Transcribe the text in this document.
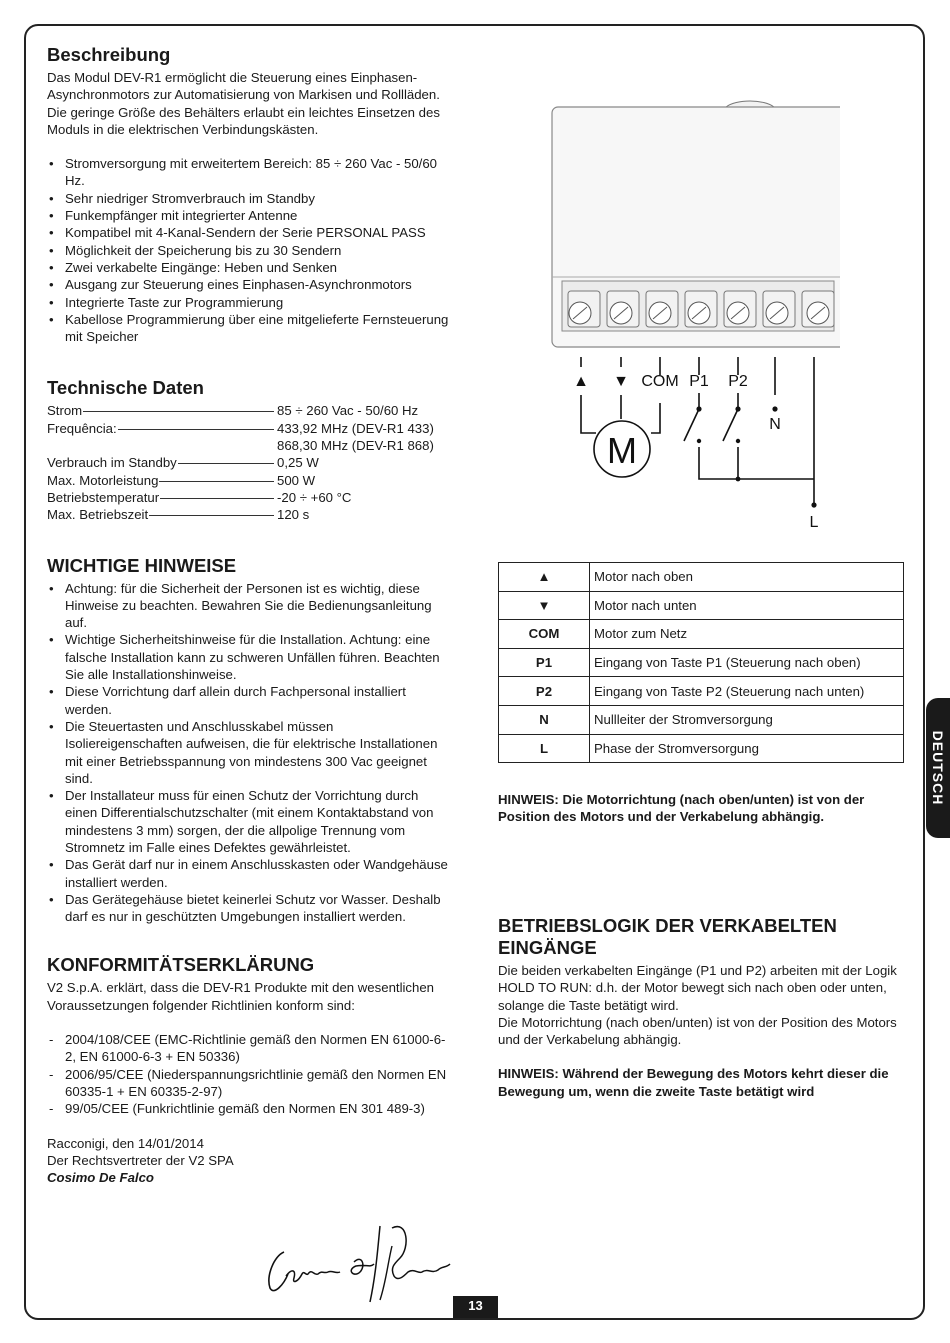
Beschreibung

Das Modul DEV-R1 ermöglicht die Steuerung eines Einphasen-Asynchronmotors zur Automatisierung von Markisen und Rollläden.

Die geringe Größe des Behälters erlaubt ein leichtes Einsetzen des Moduls in die elektrischen Verbindungskästen.

• Stromversorgung mit erweitertem Bereich: 85 ÷ 260 Vac - 50/60 Hz.
• Sehr niedriger Stromverbrauch im Standby
• Funkempfänger mit integrierter Antenne
• Kompatibel mit 4-Kanal-Sendern der Serie PERSONAL PASS
• Möglichkeit der Speicherung bis zu 30 Sendern
• Zwei verkabelte Eingänge: Heben und Senken
• Ausgang zur Steuerung eines Einphasen-Asynchronmotors
• Integrierte Taste zur Programmierung
• Kabellose Programmierung über eine mitgelieferte Fernsteuerung mit Speicher
Technische Daten
Strom	85 ÷ 260 Vac - 50/60 Hz
Frequência:	433,92 MHz (DEV-R1 433)
868,30 MHz (DEV-R1 868)
Verbrauch im Standby	0,25 W
Max. Motorleistung	500 W
Betriebstemperatur	-20 ÷ +60 °C
Max. Betriebszeit	120 s
WICHTIGE HINWEISE
• Achtung: für die Sicherheit der Personen ist es wichtig, diese Hinweise zu beachten. Bewahren Sie die Bedienungsanleitung auf.
• Wichtige Sicherheitshinweise für die Installation. Achtung: eine falsche Installation kann zu schweren Unfällen führen. Beachten Sie alle Installationshinweise.
• Diese Vorrichtung darf allein durch Fachpersonal installiert werden.
• Die Steuertasten und Anschlusskabel müssen Isoliereigenschaften aufweisen, die für elektrische Installationen mit einer Betriebsspannung von mindestens 300 Vac geeignet sind.
• Der Installateur muss für einen Schutz der Vorrichtung durch einen Differentialschutzschalter (mit einem Kontaktabstand von mindestens 3 mm) sorgen, der die allpolige Trennung vom Stromnetz im Falle eines Defektes gewährleistet.
• Das Gerät darf nur in einem Anschlusskasten oder Wandgehäuse installiert werden.
• Das Gerätegehäuse bietet keinerlei Schutz vor Wasser. Deshalb darf es nur in geschützten Umgebungen installiert werden.
KONFORMITÄTSERKLÄRUNG

V2 S.p.A. erklärt, dass die DEV-R1 Produkte mit den wesentlichen Voraussetzungen folgender Richtlinien konform sind:

- 2004/108/CEE (EMC-Richtlinie gemäß den Normen EN 61000-6-2, EN 61000-6-3 + EN 50336)
- 2006/95/CEE (Niederspannungsrichtlinie gemäß den Normen EN 60335-1 + EN 60335-2-97)
- 99/05/CEE (Funkrichtlinie gemäß den Normen EN 301 489-3)

Racconigi, den 14/01/2014

Der Rechtsvertreter der V2 SPA

Cosimo De Falco

M
▲ ▼ COM P1 P2
N
L
▲	Motor nach oben
▼	Motor nach unten
COM	Motor zum Netz
P1	Eingang von Taste P1 (Steuerung nach oben)
P2	Eingang von Taste P2 (Steuerung nach unten)
N	Nullleiter der Stromversorgung
L	Phase der Stromversorgung

HINWEIS: Die Motorrichtung (nach oben/unten) ist von der Position des Motors und der Verkabelung abhängig.

BETRIEBSLOGIK DER VERKABELTEN EINGÄNGE

Die beiden verkabelten Eingänge (P1 und P2) arbeiten mit der Logik HOLD TO RUN: d.h. der Motor bewegt sich nach oben oder unten, solange die Taste betätigt wird.

Die Motorrichtung (nach oben/unten) ist von der Position des Motors und der Verkabelung abhängig.

HINWEIS: Während der Bewegung des Motors kehrt dieser die Bewegung um, wenn die zweite Taste betätigt wird

DEUTSCH
13
